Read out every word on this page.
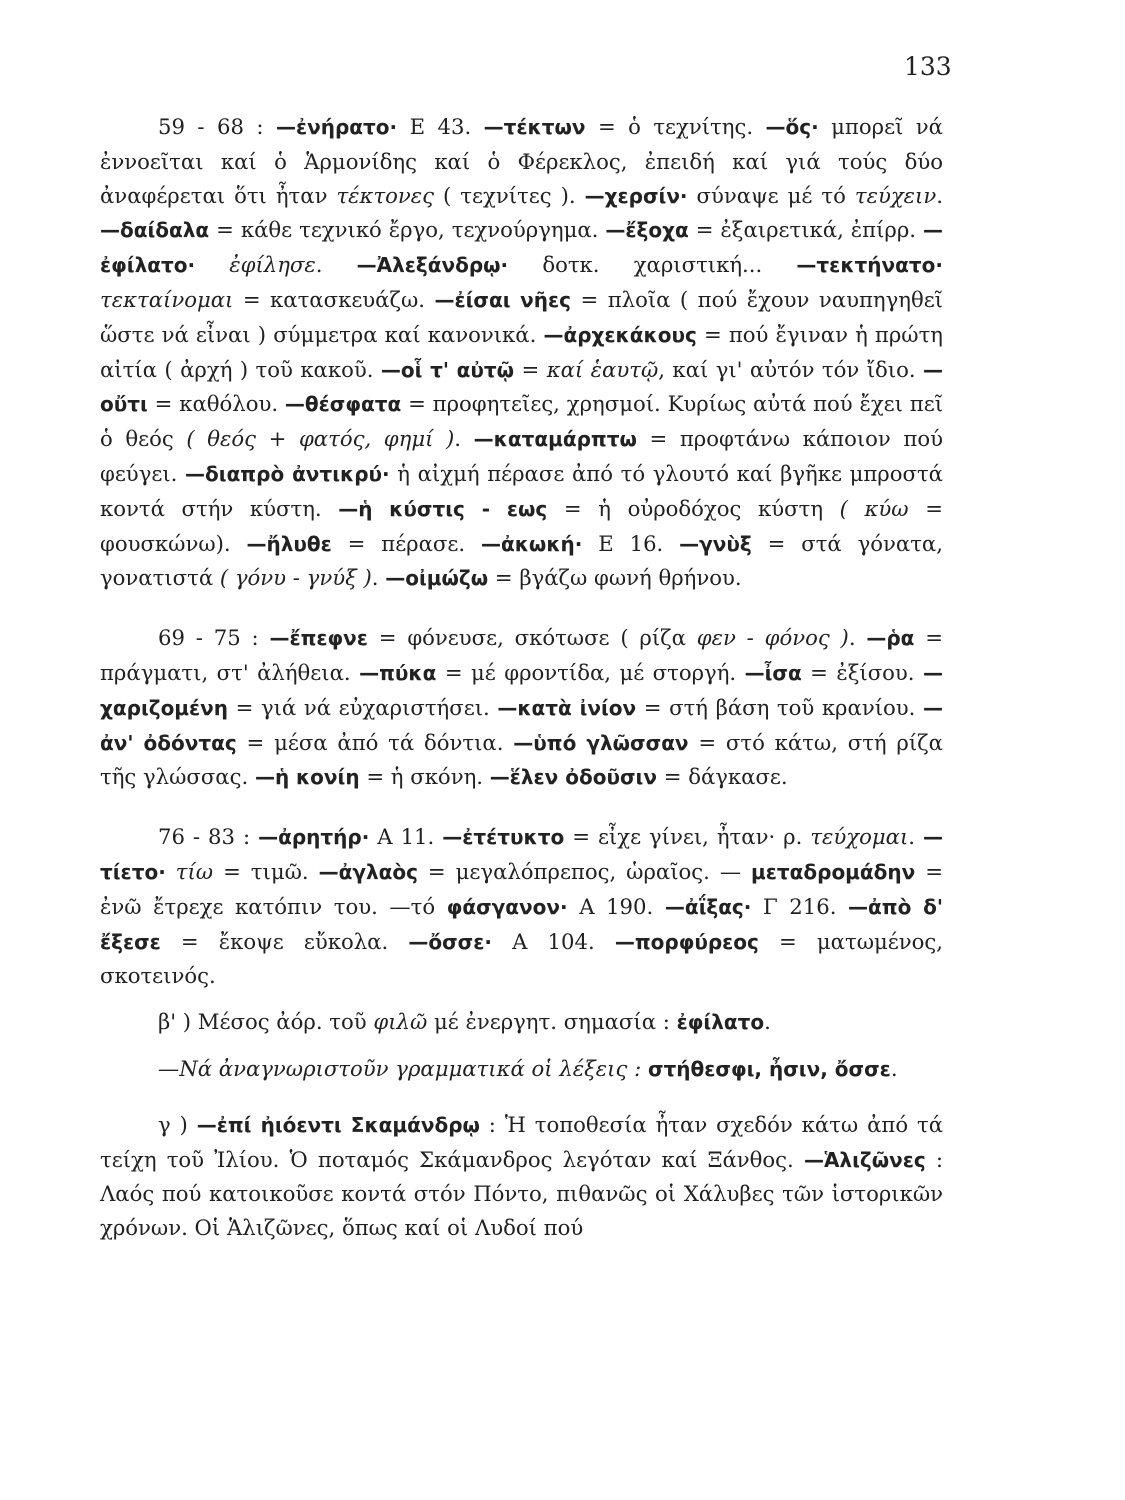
133

59 - 68 : —ἐνήρατο· Ε 43. —τέκτων = ὁ τεχνίτης. —ὅς· μπορεῖ νά ἐννοεῖται καί ὁ Ἁρμονίδης καί ὁ Φέρεκλος, ἐπειδή καί γιά τούς δύο ἀναφέρεται ὅτι ἦταν τέκτονες ( τεχνίτες ). —χερσίν· σύναψε μέ τό τεύχειν. —δαίδαλα = κάθε τεχνικό ἔργο, τεχνούργημα. —ἔξοχα = ἐξαιρετικά, ἐπίρρ. —ἐφίλατο· ἐφίλησε. —Ἀλεξάνδρῳ· δοτκ. χαριστική... —τεκτήνατο· τεκταίνομαι = κατασκευάζω. —ἐίσαι νῆες = πλοῖα ( πού ἔχουν ναυπηγηθεῖ ὥστε νά εἶναι ) σύμμετρα καί κανονικά. —ἀρχεκάκους = πού ἔγιναν ἡ πρώτη αἰτία ( ἀρχή ) τοῦ κακοῦ. —οἷ τ' αὐτῷ = καί ἑαυτῷ, καί γι' αὐτόν τόν ἴδιο. —οὔτι = καθόλου. —θέσφατα = προφητεῖες, χρησμοί. Κυρίως αὐτά πού ἔχει πεῖ ὁ θεός ( θεός + φατός, φημί ). —καταμάρπτω = προφτάνω κάποιον πού φεύγει. —διαπρὸ ἀντικρύ· ἡ αἰχμή πέρασε ἀπό τό γλουτό καί βγῆκε μπροστά κοντά στήν κύστη. —ἡ κύστις - εως = ἡ οὐροδόχος κύστη ( κύω = φουσκώνω). —ἤλυθε = πέρασε. —ἀκωκή· Ε 16. —γνὺξ = στά γόνατα, γονατιστά ( γόνυ - γνύξ ). —οἰμώζω = βγάζω φωνή θρήνου.

69 - 75 : —ἔπεφνε = φόνευσε, σκότωσε ( ρίζα φεν - φόνος ). —ῥα = πράγματι, στ' ἀλήθεια. —πύκα = μέ φροντίδα, μέ στοργή. —ἶσα = ἐξίσου. —χαριζομένη = γιά νά εὐχαριστήσει. —κατὰ ἰνίον = στή βάση τοῦ κρανίου. —ἀν' ὀδόντας = μέσα ἀπό τά δόντια. —ὑπό γλῶσσαν = στό κάτω, στή ρίζα τῆς γλώσσας. —ἡ κονίη = ἡ σκόνη. —ἕλεν ὀδοῦσιν = δάγκασε.

76 - 83 : —ἀρητήρ· Α 11. —ἐτέτυκτο = εἶχε γίνει, ἦταν· ρ. τεύχομαι. —τίετο· τίω = τιμῶ. —ἀγλαὸς = μεγαλόπρεπος, ὡραῖος. — μεταδρομάδην = ἐνῶ ἔτρεχε κατόπιν του. —τό φάσγανον· Α 190. —ἀΐξας· Γ 216. —ἀπὸ δ' ἔξεσε = ἔκοψε εὔκολα. —ὄσσε· Α 104. —πορφύρεος = ματωμένος, σκοτεινός.

β' ) Μέσος ἀόρ. τοῦ φιλῶ μέ ἐνεργητ. σημασία : ἐφίλατο.

—Νά ἀναγνωριστοῦν γραμματικά οἱ λέξεις : στήθεσφι, ἦσιν, ὄσσε.

γ ) —ἐπί ἠιόεντι Σκαμάνδρῳ : Ἡ τοποθεσία ἦταν σχεδόν κάτω ἀπό τά τείχη τοῦ Ἰλίου. Ὁ ποταμός Σκάμανδρος λεγόταν καί Ξάνθος. —Ἁλιζῶνες : Λαός πού κατοικοῦσε κοντά στόν Πόντο, πιθανῶς οἱ Χάλυβες τῶν ἱστορικῶν χρόνων. Οἱ Ἁλιζῶνες, ὅπως καί οἱ Λυδοί πού
